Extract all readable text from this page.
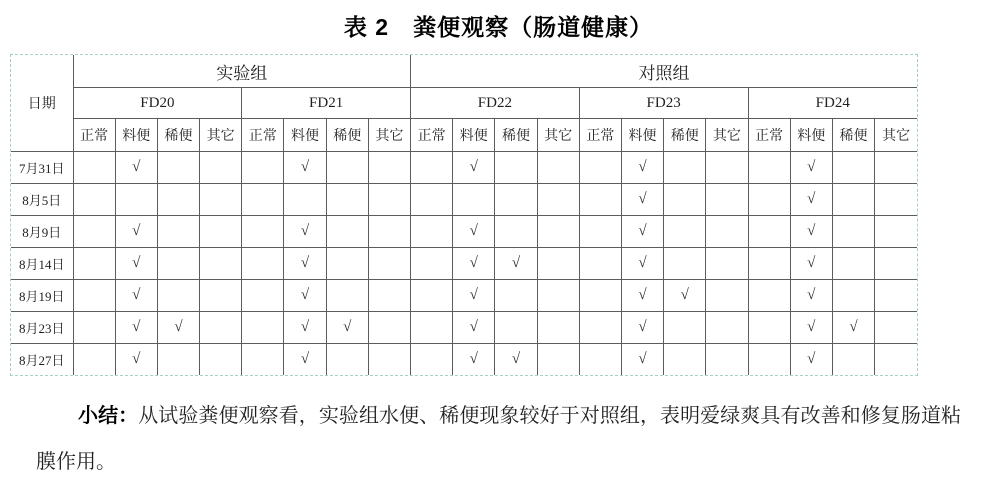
表 2　粪便观察（肠道健康）
日期	实验组								对照组											
	FD20				FD21				FD22				FD23				FD24			
	正常	料便	稀便	其它	正常	料便	稀便	其它	正常	料便	稀便	其它	正常	料便	稀便	其它	正常	料便	稀便	其它
7月31日		√				√				√				√				√		
8月5日														√				√		
8月9日		√				√				√				√				√		
8月14日		√				√				√	√			√				√		
8月19日		√				√				√				√	√			√		
8月23日		√	√			√	√			√				√				√	√	
8月27日		√				√				√	√			√				√		

小结：从试验粪便观察看，实验组水便、稀便现象较好于对照组，表明爱绿爽具有改善和修复肠道粘膜作用。
